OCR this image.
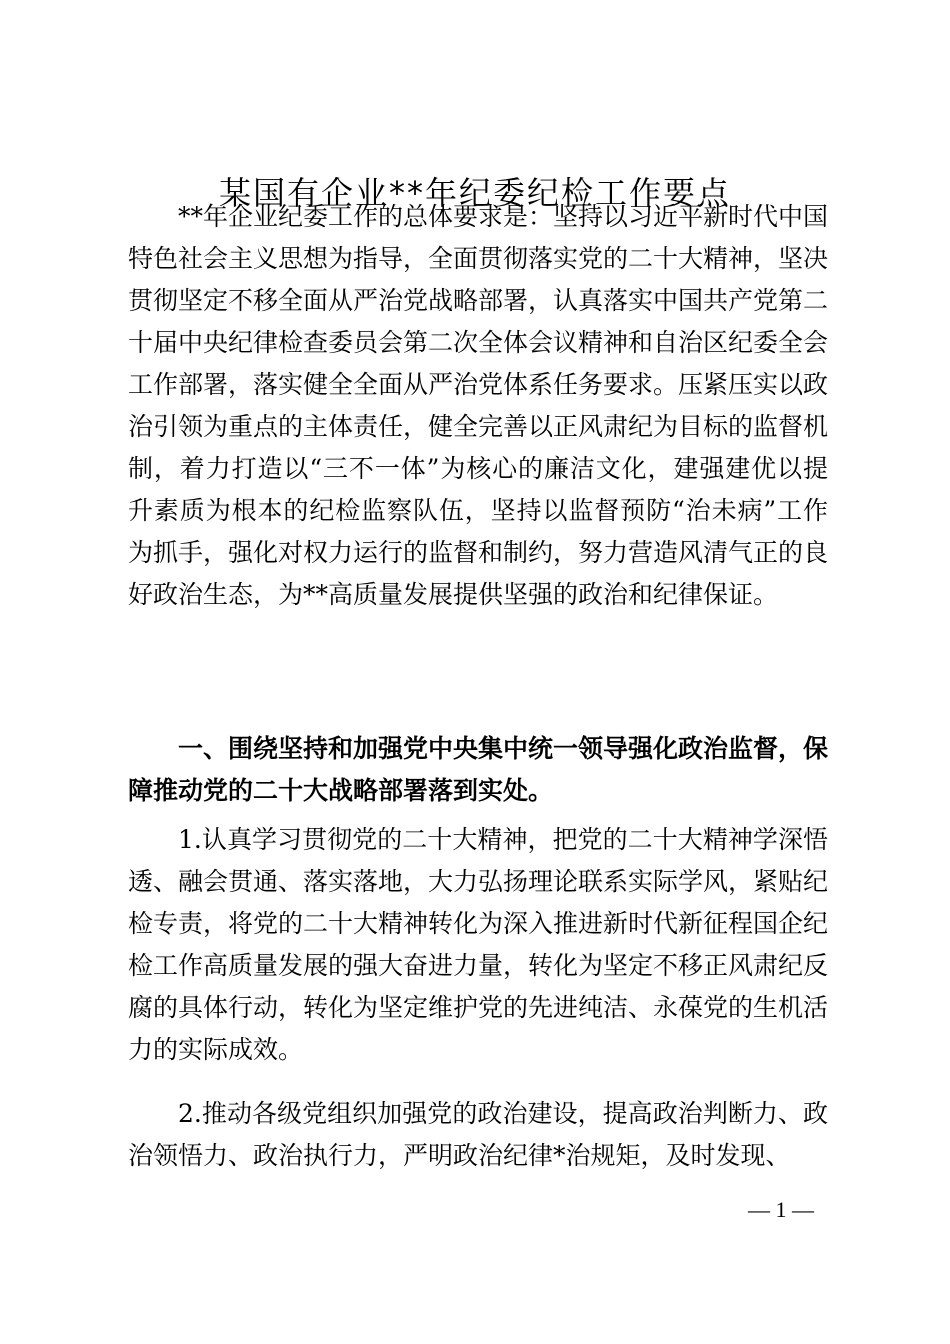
某国有企业**年纪委纪检工作要点

**年企业纪委工作的总体要求是：坚持以习近平新时代中国特色社会主义思想为指导，全面贯彻落实党的二十大精神，坚决贯彻坚定不移全面从严治党战略部署，认真落实中国共产党第二十届中央纪律检查委员会第二次全体会议精神和自治区纪委全会工作部署，落实健全全面从严治党体系任务要求。压紧压实以政治引领为重点的主体责任，健全完善以正风肃纪为目标的监督机制，着力打造以“三不一体”为核心的廉洁文化，建强建优以提升素质为根本的纪检监察队伍，坚持以监督预防“治未病”工作为抓手，强化对权力运行的监督和制约，努力营造风清气正的良好政治生态，为**高质量发展提供坚强的政治和纪律保证。

一、围绕坚持和加强党中央集中统一领导强化政治监督，保障推动党的二十大战略部署落到实处。

1.认真学习贯彻党的二十大精神，把党的二十大精神学深悟透、融会贯通、落实落地，大力弘扬理论联系实际学风，紧贴纪检专责，将党的二十大精神转化为深入推进新时代新征程国企纪检工作高质量发展的强大奋进力量，转化为坚定不移正风肃纪反腐的具体行动，转化为坚定维护党的先进纯洁、永葆党的生机活力的实际成效。

2.推动各级党组织加强党的政治建设，提高政治判断力、政治领悟力、政治执行力，严明政治纪律*治规矩，及时发现、

— 1 —
